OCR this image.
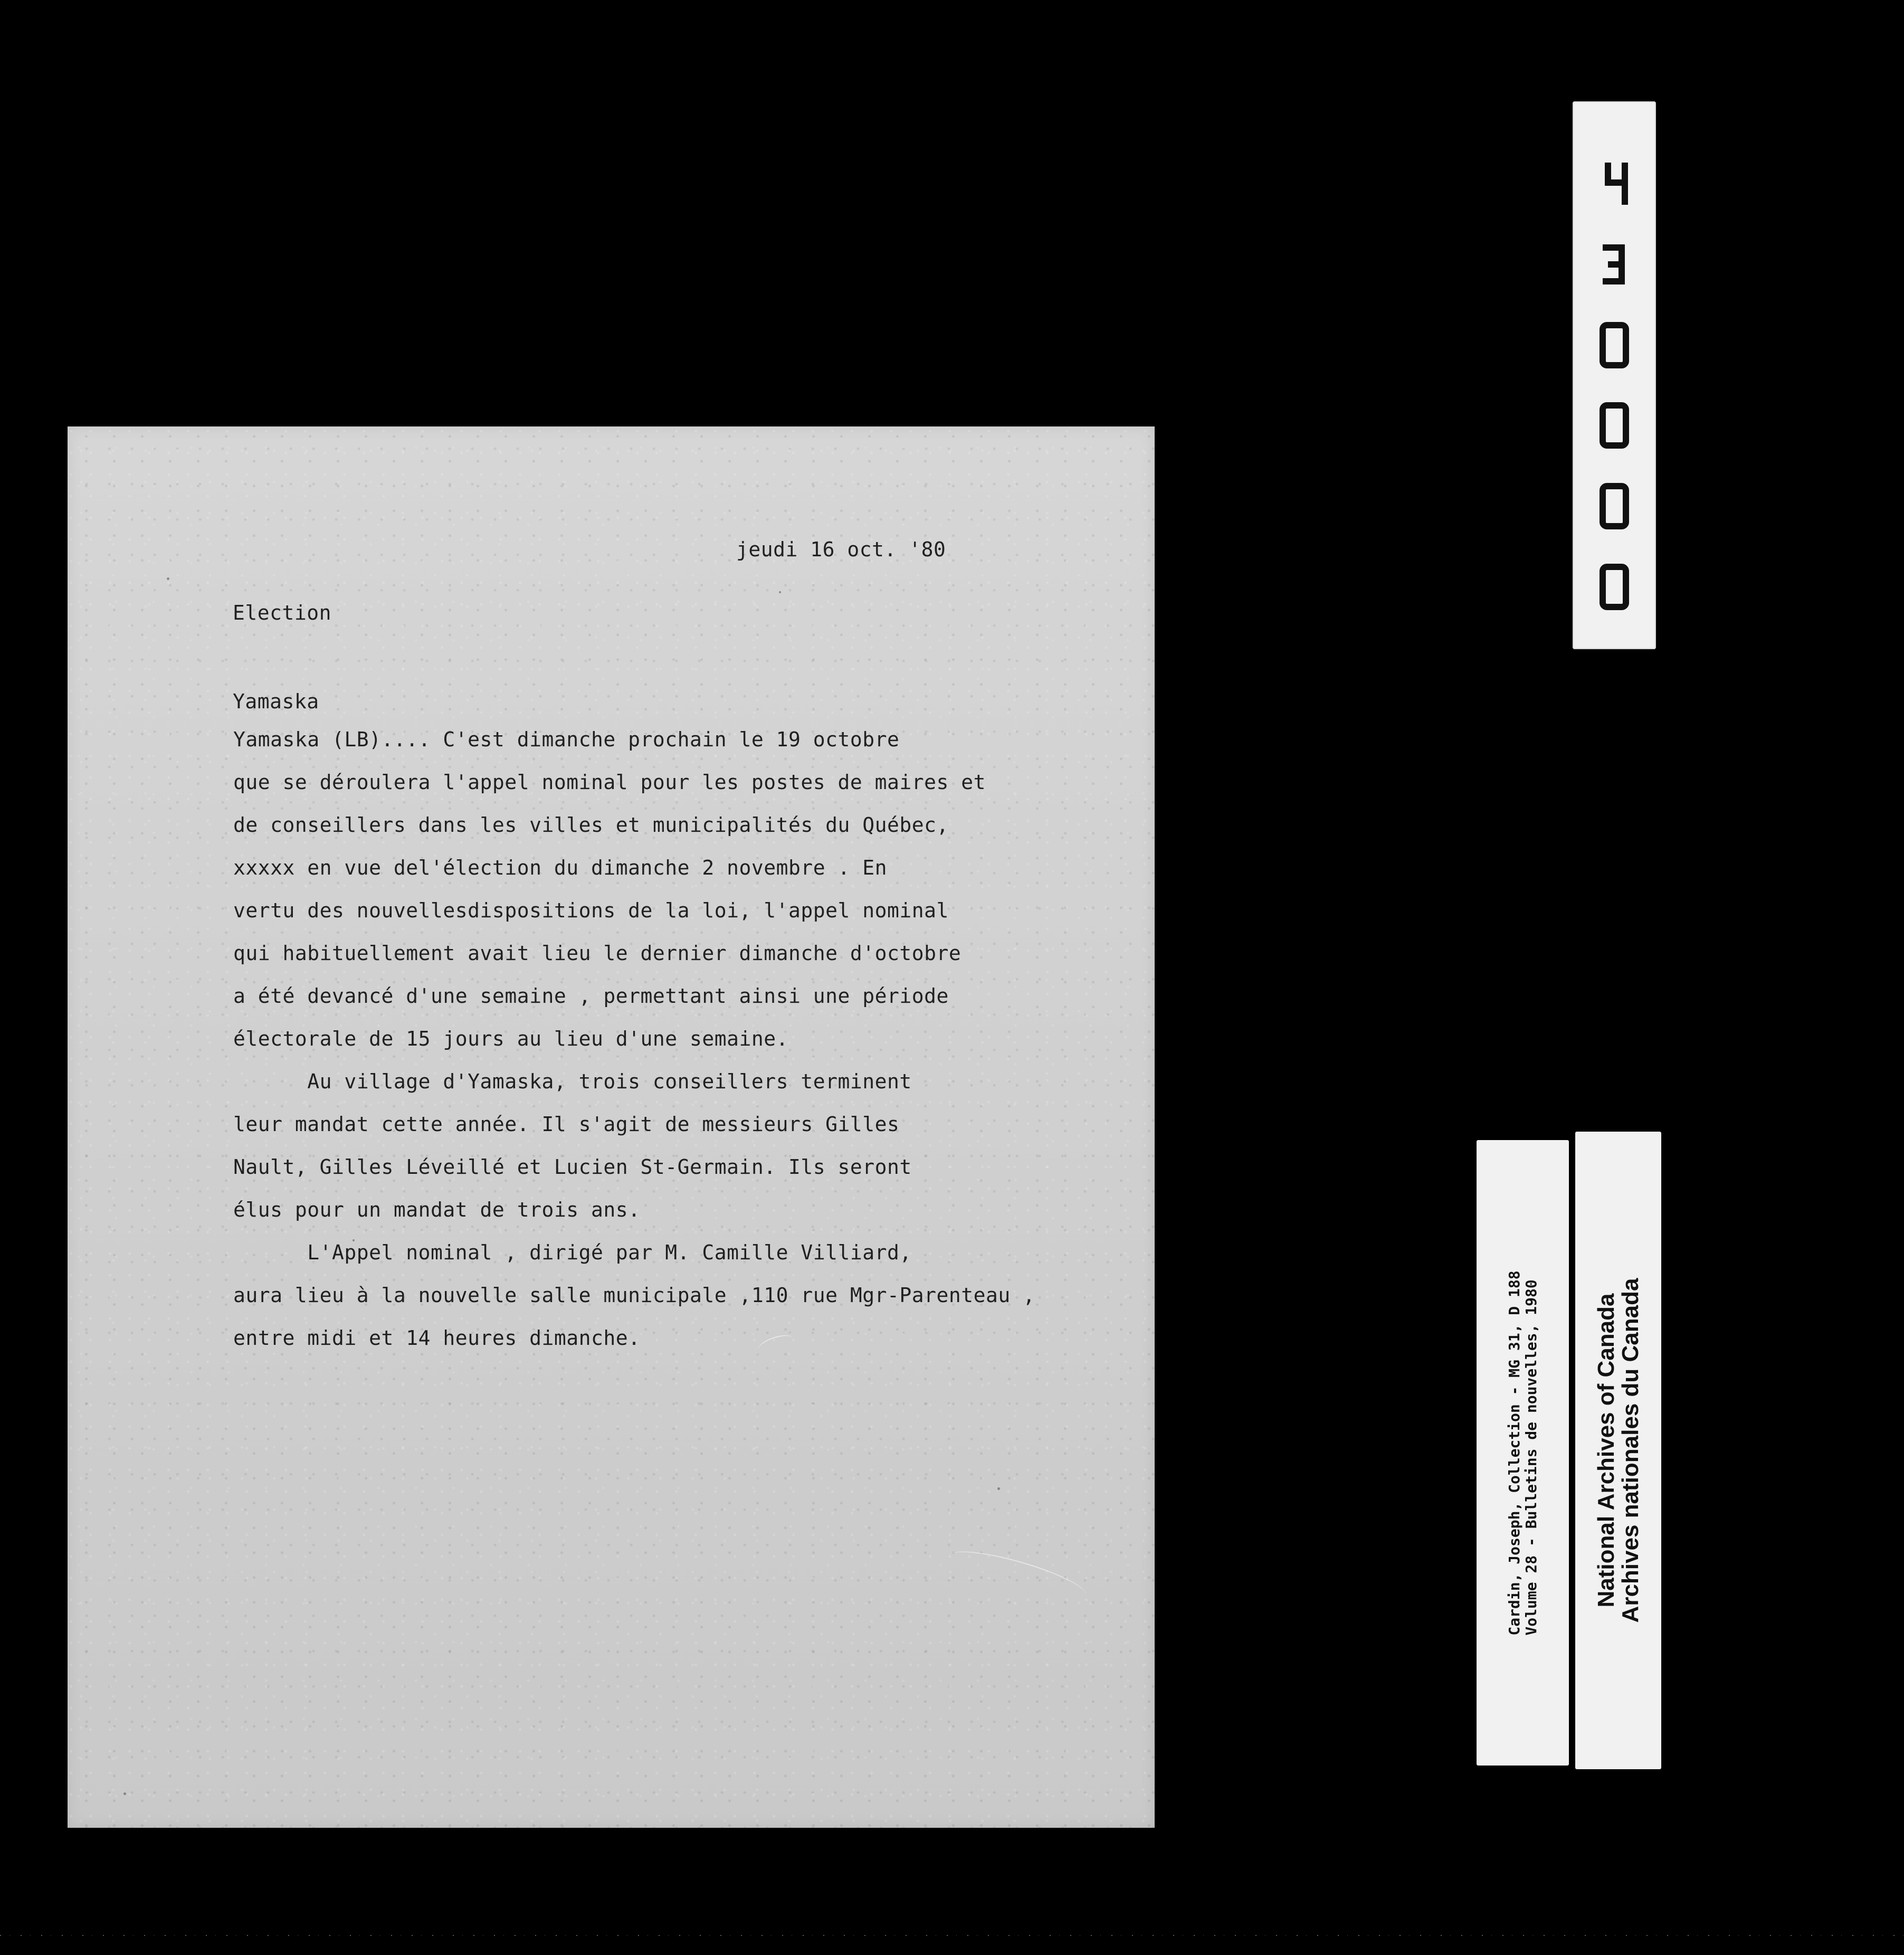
Election

Yamaska

jeudi 16 oct. '80
Yamaska (LB).... C'est dimanche prochain le 19 octobre
que se déroulera l'appel nominal pour les postes de maires et
de conseillers dans les villes et municipalités du Québec,
xxxxx en vue del'élection du dimanche 2 novembre . En
vertu des nouvellesdispositions de la loi, l'appel nominal
qui habituellement avait lieu le dernier dimanche d'octobre
a été devancé d'une semaine , permettant ainsi une période
électorale de 15 jours au lieu d'une semaine.
Au village d'Yamaska, trois conseillers terminent
leur mandat cette année. Il s'agit de messieurs Gilles
Nault, Gilles Léveillé et Lucien St-Germain. Ils seront
élus pour un mandat de trois ans.
L'Appel nominal , dirigé par M. Camille Villiard,
aura lieu à la nouvelle salle municipale ,110 rue Mgr-Parenteau ,
entre midi et 14 heures dimanche.	Cardin, Joseph, Collection - MG 31, D 188 Volume 28 - Bulletins de nouvelles, 1980 National Archives of Canada
Archives nationales du Canada
